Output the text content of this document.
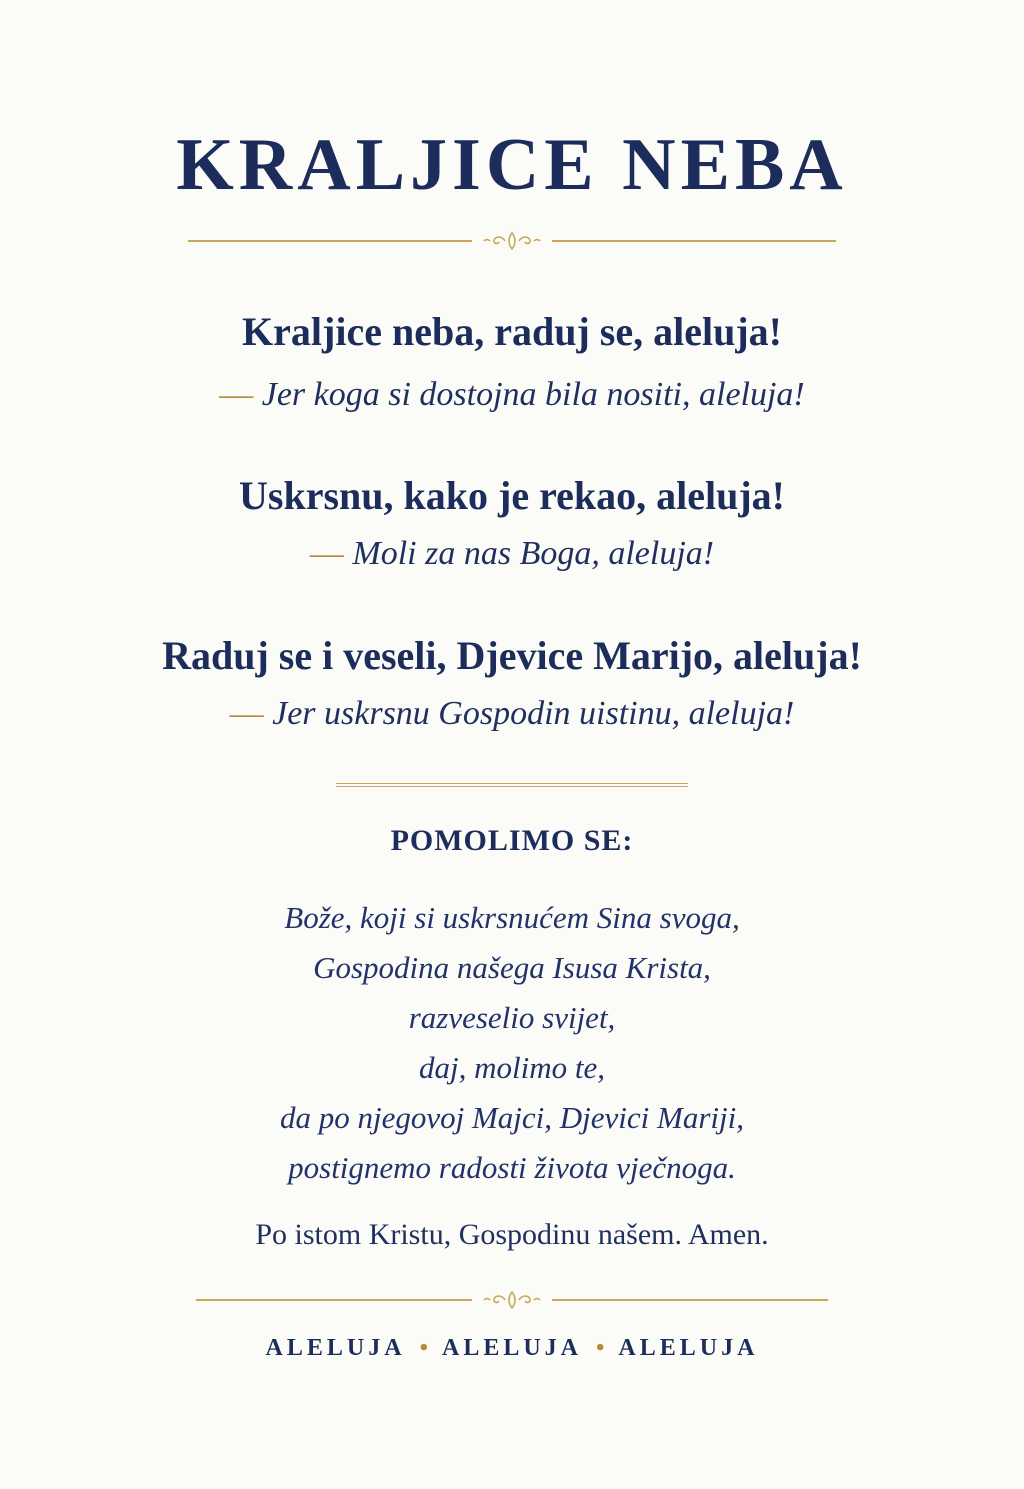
KRALJICE NEBA
Kraljice neba, raduj se, aleluja!
— Jer koga si dostojna bila nositi, aleluja!
Uskrsnu, kako je rekao, aleluja!
— Moli za nas Boga, aleluja!
Raduj se i veseli, Djevice Marijo, aleluja!
— Jer uskrsnu Gospodin uistinu, aleluja!
POMOLIMO SE:
Bože, koji si uskrsnućem Sina svoga,
Gospodina našega Isusa Krista,
razveselio svijet,
daj, molimo te,
da po njegovoj Majci, Djevici Mariji,
postignemo radosti života vječnoga.
Po istom Kristu, Gospodinu našem. Amen.
ALELUJA • ALELUJA • ALELUJA
